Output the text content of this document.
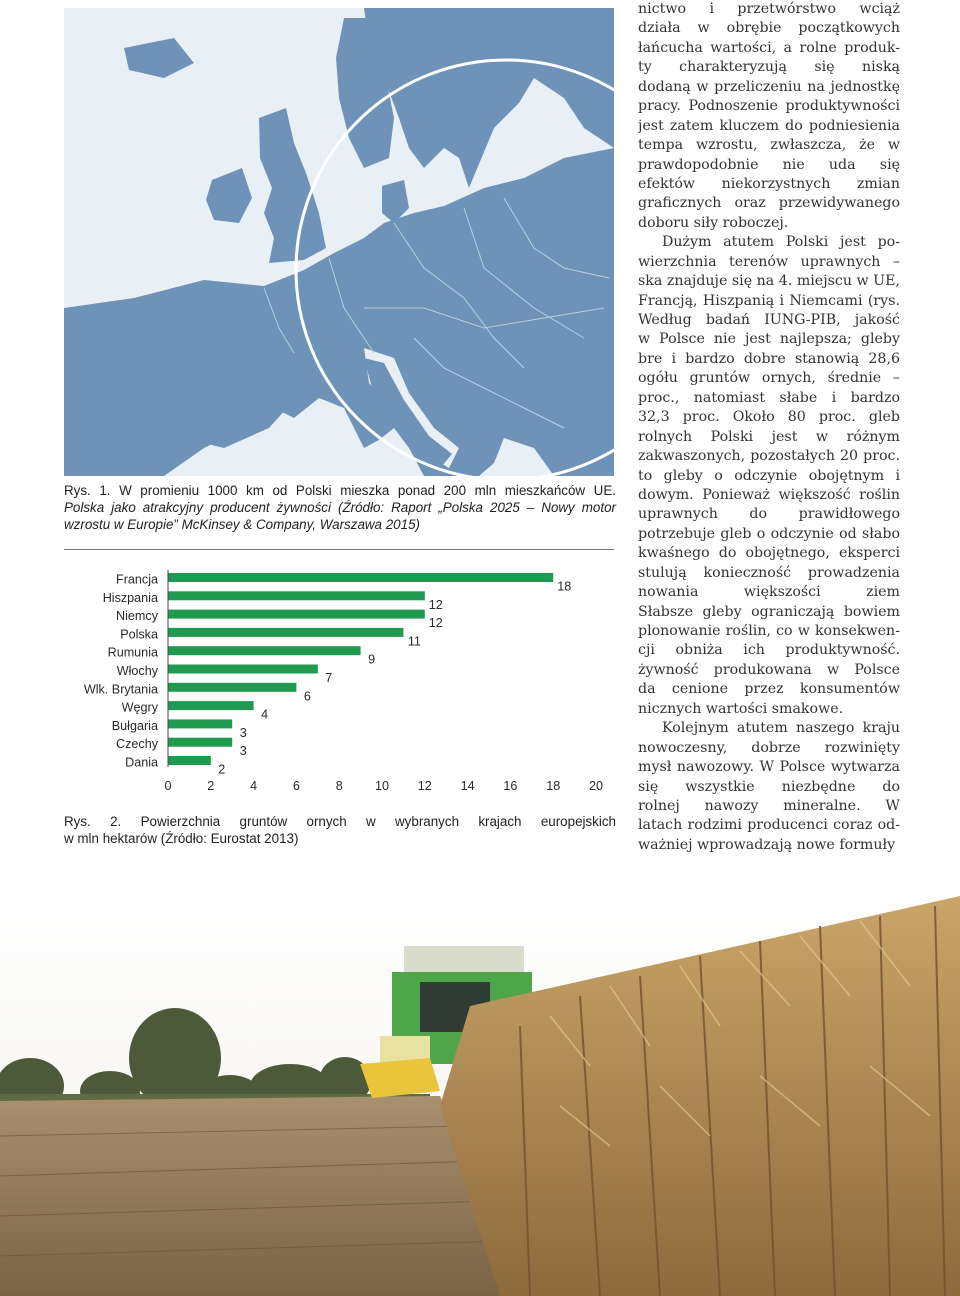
Rys. 1. W promieniu 1000 km od Polski mieszka ponad 200 mln mieszkańców UE.
Polska jako atrakcyjny producent żywności (Źródło: Raport „Polska 2025 – Nowy motor
wzrostu w Europie” McKinsey & Company, Warszawa 2015)
Francja
Hiszpania
Niemcy
Polska
Rumunia
Włochy
Wlk. Brytania
Węgry
Bułgaria
Czechy
Dania
18
12
12
11
9
7
6
4
3
3
2
0	2	4	6	8	10 12 14 16 18 20
Rys. 2. Powierzchnia gruntów ornych w wybranych krajach europejskich
w mln hektarów (Źródło: Eurostat 2013)
nictwo i przetwórstwo wciąż
działa w obrębie początkowych
łańcucha wartości, a rolne produk-
ty charakteryzują się niską
dodaną w przeliczeniu na jednostkę
pracy. Podnoszenie produktywności
jest zatem kluczem do podniesienia
tempa wzrostu, zwłaszcza, że w
prawdopodobnie nie uda się
efektów niekorzystnych zmian
graficznych oraz przewidywanego
doboru siły roboczej.
Dużym atutem Polski jest po-
wierzchnia terenów uprawnych –
ska znajduje się na 4. miejscu w UE,
Francją, Hiszpanią i Niemcami (rys.
Według badań IUNG-PIB, jakość
w Polsce nie jest najlepsza; gleby
bre i bardzo dobre stanowią 28,6
ogółu gruntów ornych, średnie –
proc., natomiast słabe i bardzo
32,3 proc. Około 80 proc. gleb
rolnych Polski jest w różnym
zakwaszonych, pozostałych 20 proc.
to gleby o odczynie obojętnym i
dowym. Ponieważ większość roślin
uprawnych do prawidłowego
potrzebuje gleb o odczynie od słabo
kwaśnego do obojętnego, eksperci
stulują konieczność prowadzenia
nowania większości ziem
Słabsze gleby ograniczają bowiem
plonowanie roślin, co w konsekwen-
cji obniża ich produktywność.
żywność produkowana w Polsce
da cenione przez konsumentów
nicznych wartości smakowe.
Kolejnym atutem naszego kraju
nowoczesny, dobrze rozwinięty
mysł nawozowy. W Polsce wytwarza
się wszystkie niezbędne do
rolnej nawozy mineralne. W
latach rodzimi producenci coraz od-
ważniej wprowadzają nowe formuły
